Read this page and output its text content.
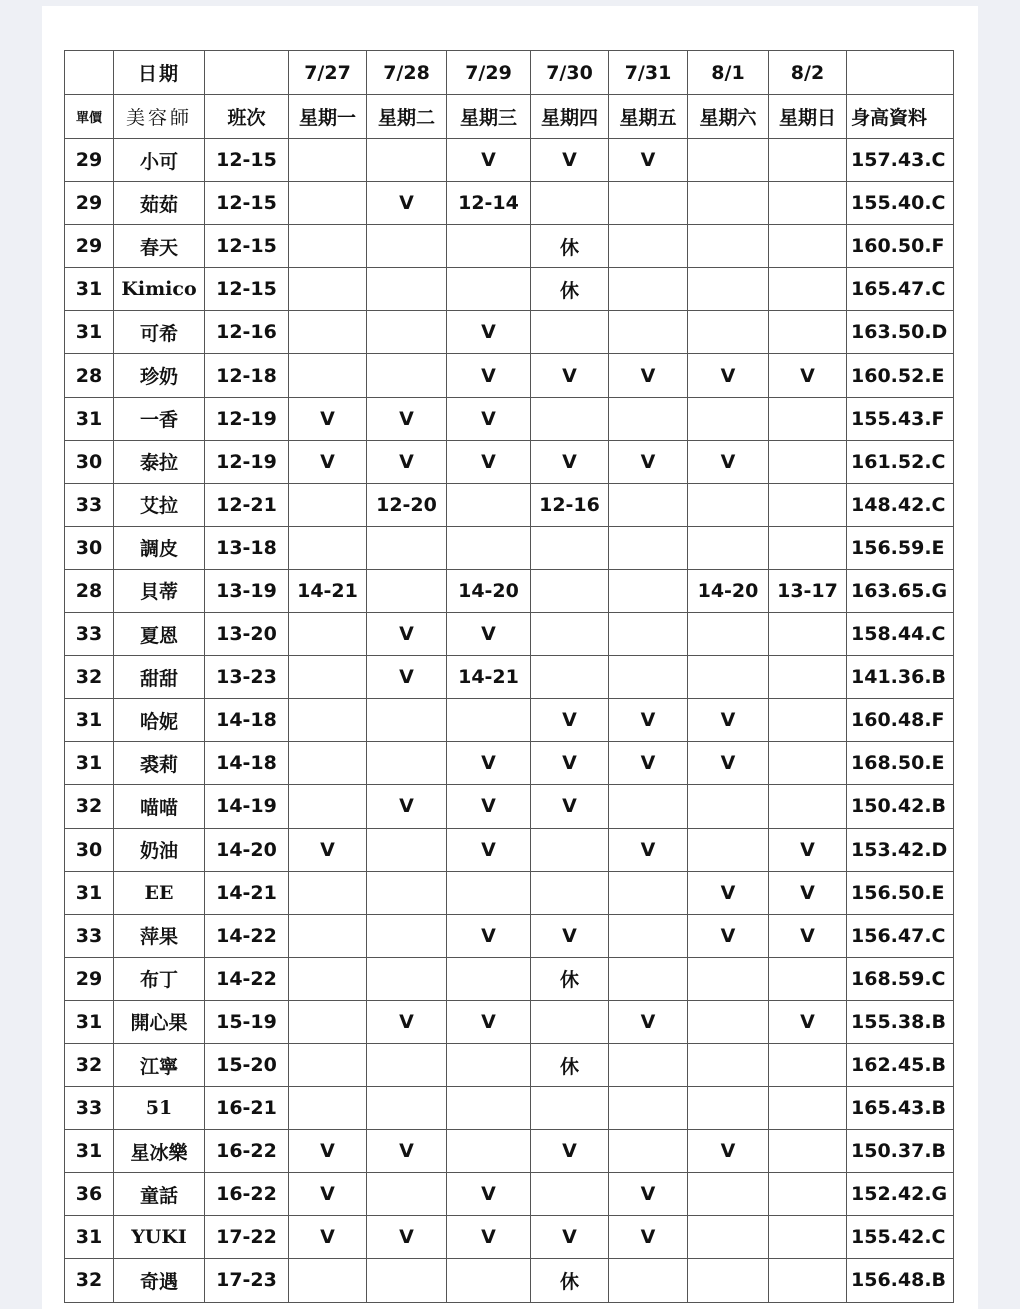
	日期		7/27	7/28	7/29	7/30	7/31	8/1	8/2	
單價	美容師	班次	星期一	星期二	星期三	星期四	星期五	星期六	星期日	身高資料
29	小可	12-15			V	V	V			157.43.C
29	茹茹	12-15		V	12-14					155.40.C
29	春天	12-15				休				160.50.F
31	Kimico	12-15				休				165.47.C
31	可希	12-16			V					163.50.D
28	珍奶	12-18			V	V	V	V	V	160.52.E
31	一香	12-19	V	V	V					155.43.F
30	泰拉	12-19	V	V	V	V	V	V		161.52.C
33	艾拉	12-21		12-20		12-16				148.42.C
30	調皮	13-18								156.59.E
28	貝蒂	13-19	14-21		14-20			14-20	13-17	163.65.G
33	夏恩	13-20		V	V					158.44.C
32	甜甜	13-23		V	14-21					141.36.B
31	哈妮	14-18				V	V	V		160.48.F
31	裘莉	14-18			V	V	V	V		168.50.E
32	喵喵	14-19		V	V	V				150.42.B
30	奶油	14-20	V		V		V		V	153.42.D
31	EE	14-21						V	V	156.50.E
33	萍果	14-22			V	V		V	V	156.47.C
29	布丁	14-22				休				168.59.C
31	開心果	15-19		V	V		V		V	155.38.B
32	江寧	15-20				休				162.45.B
33	51	16-21								165.43.B
31	星冰樂	16-22	V	V		V		V		150.37.B
36	童話	16-22	V		V		V			152.42.G
31	YUKI	17-22	V	V	V	V	V			155.42.C
32	奇遇	17-23				休				156.48.B
